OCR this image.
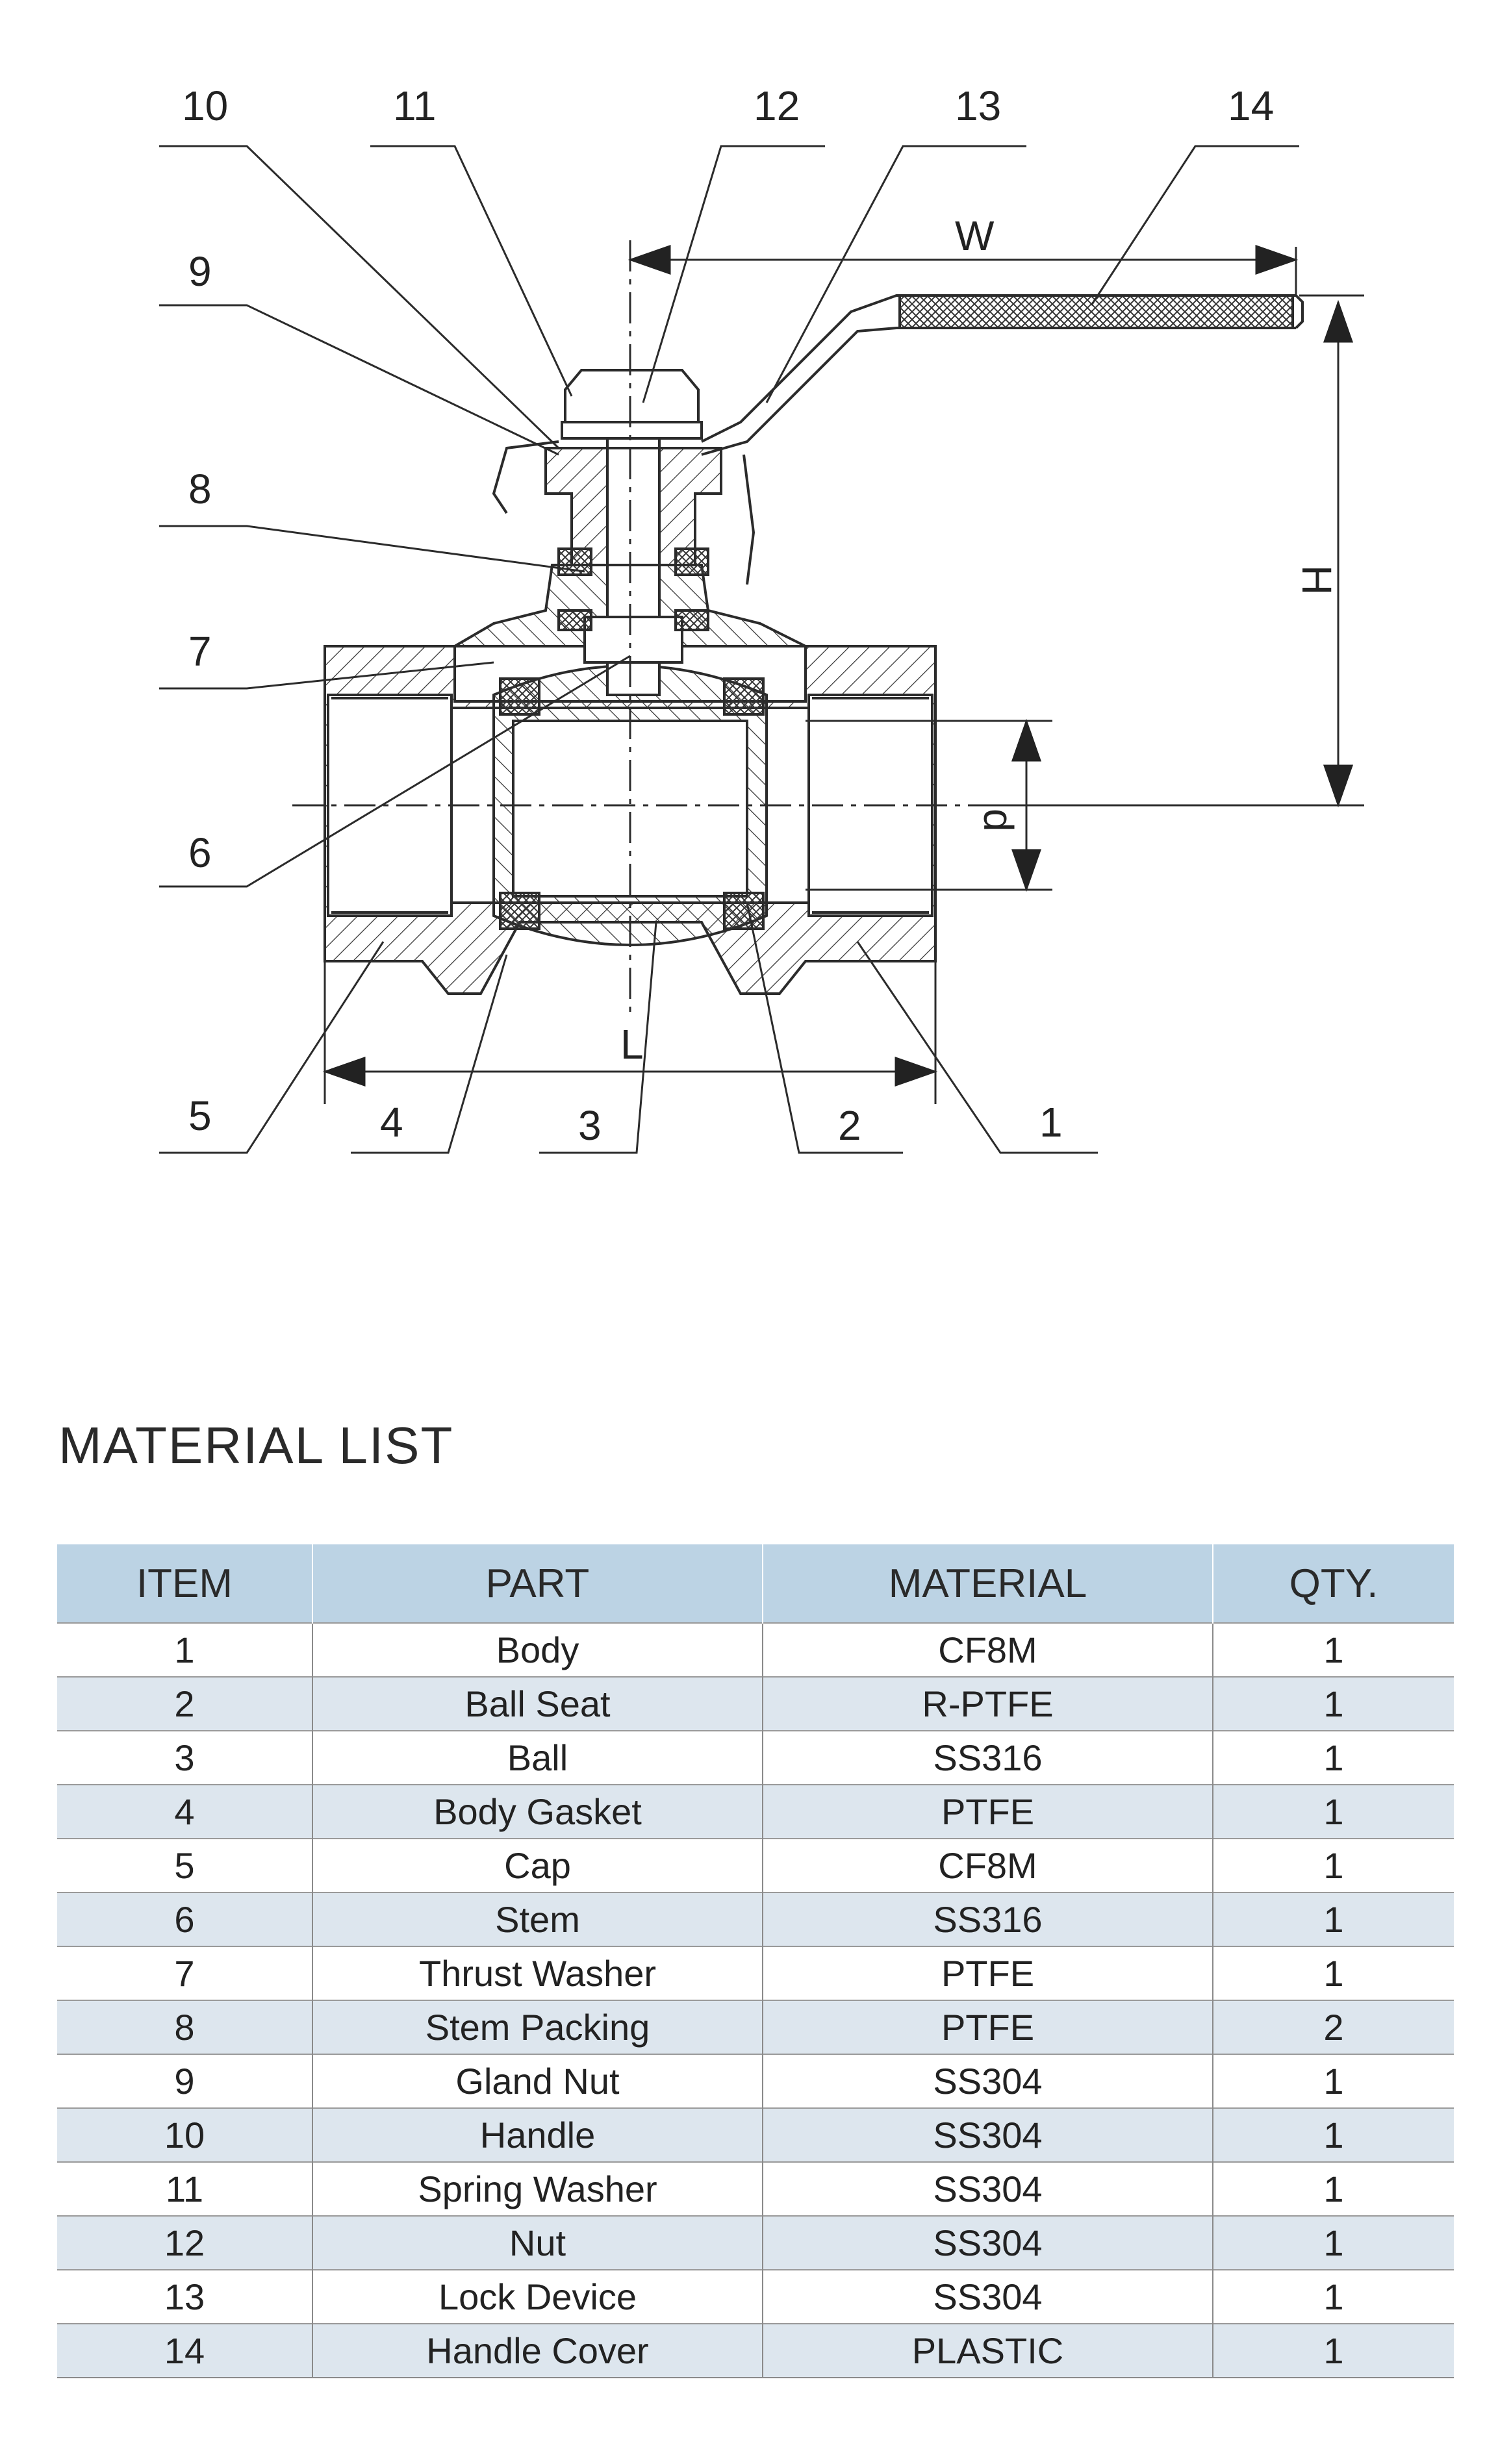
10	11	12	13	14
9
8
7
6
5	4	3	2	1
W
H
d
L
MATERIAL LIST
ITEM	PART	MATERIAL	QTY.
1	Body	CF8M	1
2	Ball Seat	R-PTFE	1
3	Ball	SS316	1
4	Body Gasket	PTFE	1
5	Cap	CF8M	1
6	Stem	SS316	1
7	Thrust Washer	PTFE	1
8	Stem Packing	PTFE	2
9	Gland Nut	SS304	1
10	Handle	SS304	1
11	Spring Washer	SS304	1
12	Nut	SS304	1
13	Lock Device	SS304	1
14	Handle Cover	PLASTIC	1
